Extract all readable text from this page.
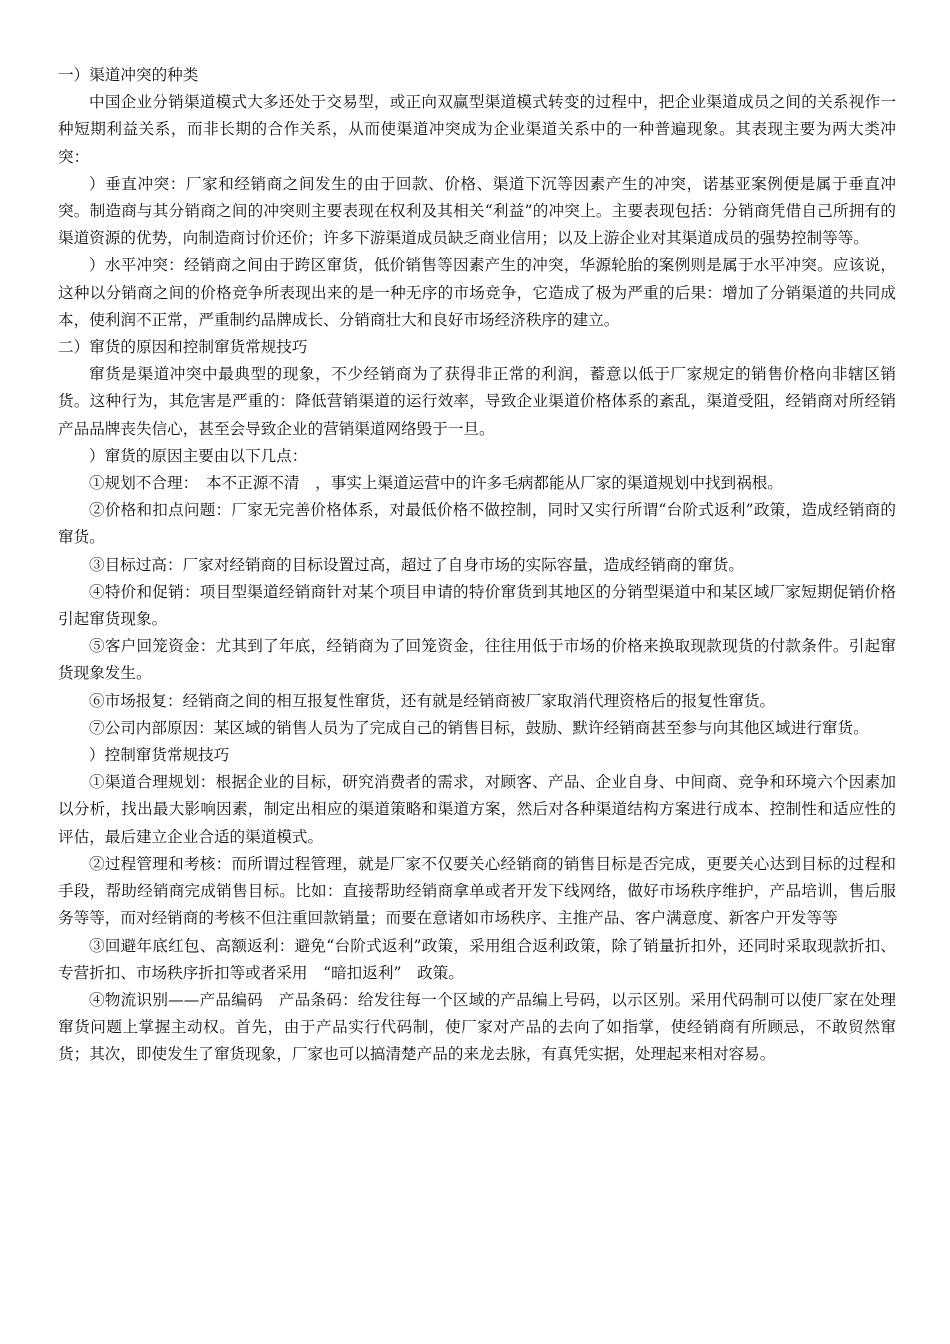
一）渠道冲突的种类

中国企业分销渠道模式大多还处于交易型，或正向双赢型渠道模式转变的过程中，把企业渠道成员之间的关系视作一种短期利益关系，而非长期的合作关系，从而使渠道冲突成为企业渠道关系中的一种普遍现象。其表现主要为两大类冲突：

）垂直冲突：厂家和经销商之间发生的由于回款、价格、渠道下沉等因素产生的冲突，诺基亚案例便是属于垂直冲突。制造商与其分销商之间的冲突则主要表现在权利及其相关“利益”的冲突上。主要表现包括：分销商凭借自己所拥有的渠道资源的优势，向制造商讨价还价；许多下游渠道成员缺乏商业信用；以及上游企业对其渠道成员的强势控制等等。

）水平冲突：经销商之间由于跨区窜货，低价销售等因素产生的冲突，华源轮胎的案例则是属于水平冲突。应该说，这种以分销商之间的价格竞争所表现出来的是一种无序的市场竞争，它造成了极为严重的后果：增加了分销渠道的共同成本，使利润不正常，严重制约品牌成长、分销商壮大和良好市场经济秩序的建立。

二）窜货的原因和控制窜货常规技巧

窜货是渠道冲突中最典型的现象，不少经销商为了获得非正常的利润，蓄意以低于厂家规定的销售价格向非辖区销货。这种行为，其危害是严重的：降低营销渠道的运行效率，导致企业渠道价格体系的紊乱，渠道受阻，经销商对所经销产品品牌丧失信心，甚至会导致企业的营销渠道网络毁于一旦。

）窜货的原因主要由以下几点：

①规划不合理：　本不正源不清　，事实上渠道运营中的许多毛病都能从厂家的渠道规划中找到祸根。

②价格和扣点问题：厂家无完善价格体系，对最低价格不做控制，同时又实行所谓“台阶式返利”政策，造成经销商的窜货。

③目标过高：厂家对经销商的目标设置过高，超过了自身市场的实际容量，造成经销商的窜货。

④特价和促销：项目型渠道经销商针对某个项目申请的特价窜货到其地区的分销型渠道中和某区域厂家短期促销价格引起窜货现象。

⑤客户回笼资金：尤其到了年底，经销商为了回笼资金，往往用低于市场的价格来换取现款现货的付款条件。引起窜货现象发生。

⑥市场报复：经销商之间的相互报复性窜货，还有就是经销商被厂家取消代理资格后的报复性窜货。

⑦公司内部原因：某区域的销售人员为了完成自己的销售目标，鼓励、默许经销商甚至参与向其他区域进行窜货。

）控制窜货常规技巧

①渠道合理规划：根据企业的目标，研究消费者的需求，对顾客、产品、企业自身、中间商、竞争和环境六个因素加以分析，找出最大影响因素，制定出相应的渠道策略和渠道方案，然后对各种渠道结构方案进行成本、控制性和适应性的评估，最后建立企业合适的渠道模式。

②过程管理和考核：而所谓过程管理，就是厂家不仅要关心经销商的销售目标是否完成，更要关心达到目标的过程和手段，帮助经销商完成销售目标。比如：直接帮助经销商拿单或者开发下线网络，做好市场秩序维护，产品培训，售后服务等等，而对经销商的考核不但注重回款销量；而要在意诸如市场秩序、主推产品、客户满意度、新客户开发等等

③回避年底红包、高额返利：避免“台阶式返利”政策，采用组合返利政策，除了销量折扣外，还同时采取现款折扣、专营折扣、市场秩序折扣等或者采用　“暗扣返利”　政策。

④物流识别——产品编码　产品条码：给发往每一个区域的产品编上号码，以示区别。采用代码制可以使厂家在处理窜货问题上掌握主动权。首先，由于产品实行代码制，使厂家对产品的去向了如指掌，使经销商有所顾忌，不敢贸然窜货；其次，即使发生了窜货现象，厂家也可以搞清楚产品的来龙去脉，有真凭实据，处理起来相对容易。
